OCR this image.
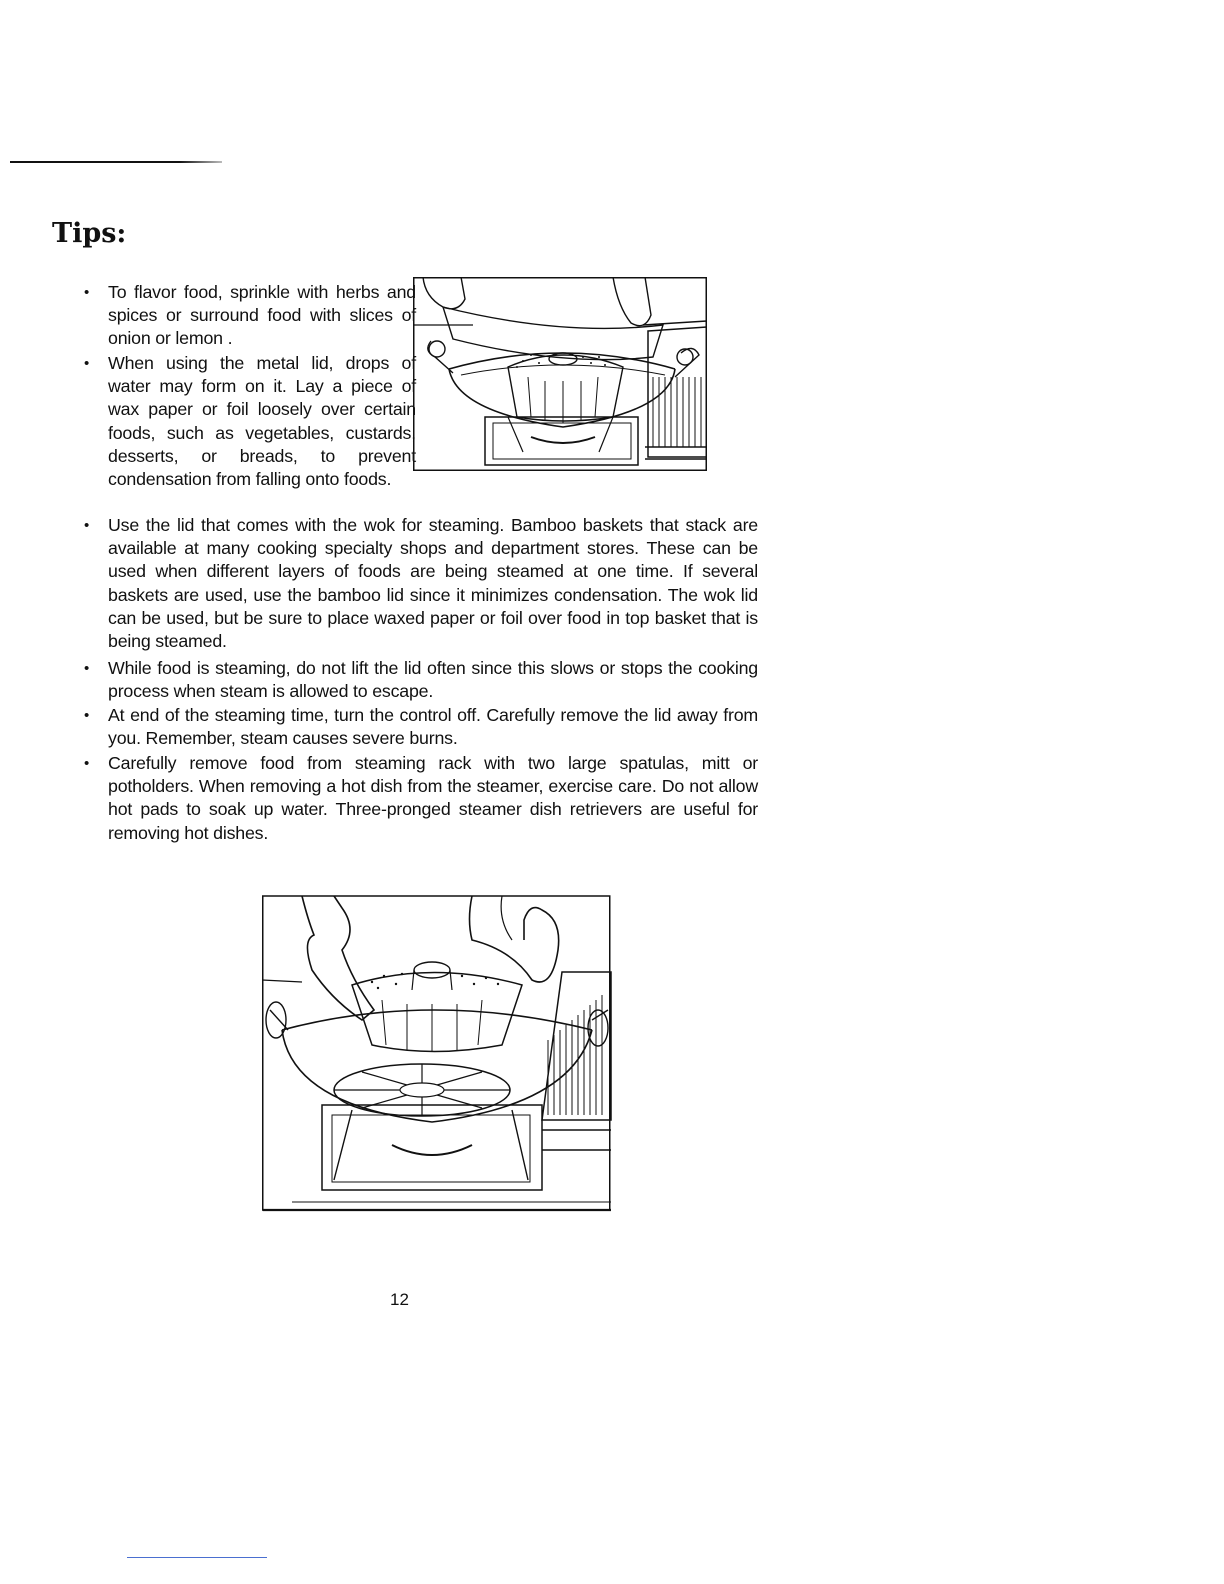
Tips:

• To flavor food, sprinkle with herbs and spices or surround food with slices of onion or lemon .

• When using the metal lid, drops of water may form on it. Lay a piece of wax paper or foil loosely over certain foods, such as vegetables, custards, desserts, or breads, to prevent condensation from falling onto foods.

• Use the lid that comes with the wok for steaming. Bamboo baskets that stack are available at many cooking specialty shops and department stores. These can be used when different layers of foods are being steamed at one time. If several baskets are used, use the bamboo lid since it minimizes condensation. The wok lid can be used, but be sure to place waxed paper or foil over food in top basket that is being steamed.

• While food is steaming, do not lift the lid often since this slows or stops the cooking process when steam is allowed to escape.

• At end of the steaming time, turn the control off. Carefully remove the lid away from you. Remember, steam causes severe burns.

• Carefully remove food from steaming rack with two large spatulas, mitt or potholders. When removing a hot dish from the steamer, exercise care. Do not allow hot pads to soak up water. Three-pronged steamer dish retrievers are useful for removing hot dishes.

12
